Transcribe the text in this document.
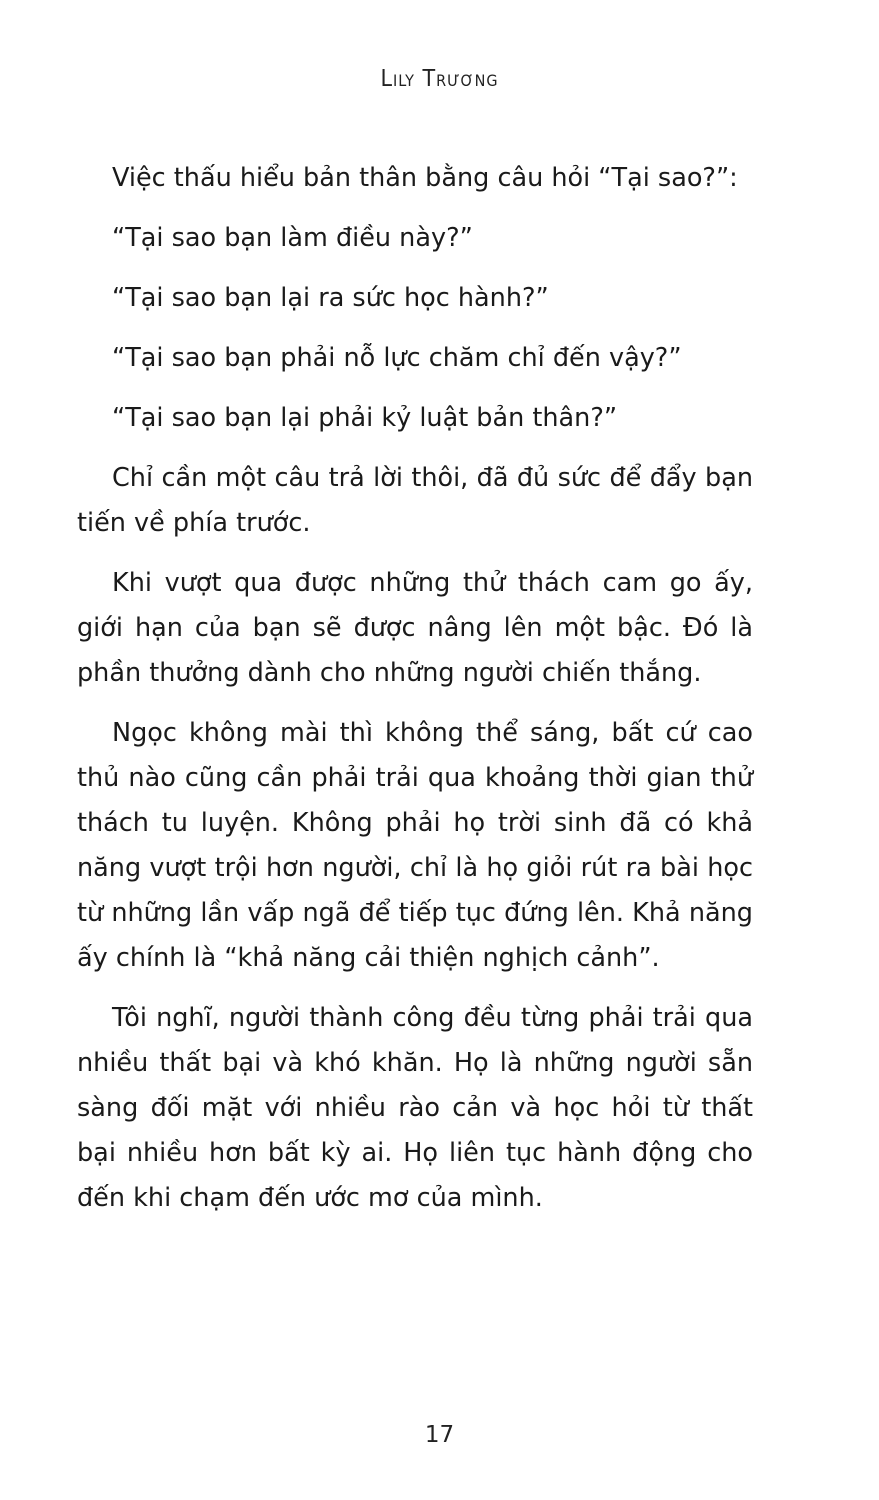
Lily Trương

Việc thấu hiểu bản thân bằng câu hỏi “Tại sao?”:

“Tại sao bạn làm điều này?”

“Tại sao bạn lại ra sức học hành?”

“Tại sao bạn phải nỗ lực chăm chỉ đến vậy?”

“Tại sao bạn lại phải kỷ luật bản thân?”

Chỉ cần một câu trả lời thôi, đã đủ sức để đẩy bạn tiến về phía trước.

Khi vượt qua được những thử thách cam go ấy, giới hạn của bạn sẽ được nâng lên một bậc. Đó là phần thưởng dành cho những người chiến thắng.

Ngọc không mài thì không thể sáng, bất cứ cao thủ nào cũng cần phải trải qua khoảng thời gian thử thách tu luyện. Không phải họ trời sinh đã có khả năng vượt trội hơn người, chỉ là họ giỏi rút ra bài học từ những lần vấp ngã để tiếp tục đứng lên. Khả năng ấy chính là “khả năng cải thiện nghịch cảnh”.

Tôi nghĩ, người thành công đều từng phải trải qua nhiều thất bại và khó khăn. Họ là những người sẵn sàng đối mặt với nhiều rào cản và học hỏi từ thất bại nhiều hơn bất kỳ ai. Họ liên tục hành động cho đến khi chạm đến ước mơ của mình.

17
